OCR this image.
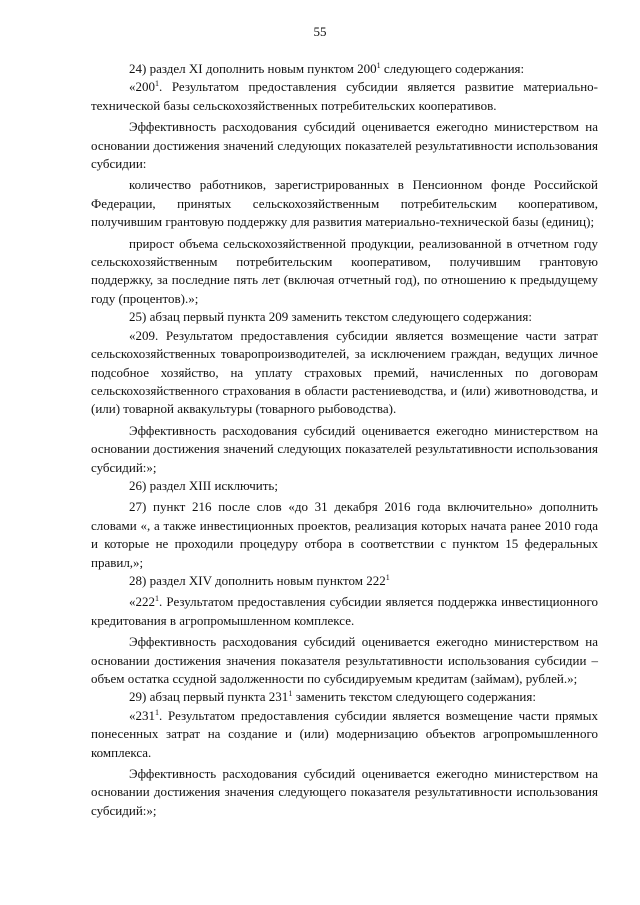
55

24) раздел XI дополнить новым пунктом $200^1$ следующего содержания:

«$200^1$. Результатом предоставления субсидии является развитие материально-технической базы сельскохозяйственных потребительских кооперативов.

Эффективность расходования субсидий оценивается ежегодно министерством на основании достижения значений следующих показателей результативности использования субсидии:

количество работников, зарегистрированных в Пенсионном фонде Российской Федерации, принятых сельскохозяйственным потребительским кооперативом, получившим грантовую поддержку для развития материально-технической базы (единиц);

прирост объема сельскохозяйственной продукции, реализованной в отчетном году сельскохозяйственным потребительским кооперативом, получившим грантовую поддержку, за последние пять лет (включая отчетный год), по отношению к предыдущему году (процентов).»;

25) абзац первый пункта 209 заменить текстом следующего содержания:

«209. Результатом предоставления субсидии является возмещение части затрат сельскохозяйственных товаропроизводителей, за исключением граждан, ведущих личное подсобное хозяйство, на уплату страховых премий, начисленных по договорам сельскохозяйственного страхования в области растениеводства, и (или) животноводства, и (или) товарной аквакультуры (товарного рыбоводства).

Эффективность расходования субсидий оценивается ежегодно министерством на основании достижения значений следующих показателей результативности использования субсидий:»;

26) раздел XIII исключить;

27) пункт 216 после слов «до 31 декабря 2016 года включительно» дополнить словами «, а также инвестиционных проектов, реализация которых начата ранее 2010 года и которые не проходили процедуру отбора в соответствии с пунктом 15 федеральных правил,»;

28) раздел XIV дополнить новым пунктом $222^1$

«$222^1$. Результатом предоставления субсидии является поддержка инвестиционного кредитования в агропромышленном комплексе.

Эффективность расходования субсидий оценивается ежегодно министерством на основании достижения значения показателя результативности использования субсидии – объем остатка ссудной задолженности по субсидируемым кредитам (займам), рублей.»;

29) абзац первый пункта $231^1$ заменить текстом следующего содержания:

«$231^1$. Результатом предоставления субсидии является возмещение части прямых понесенных затрат на создание и (или) модернизацию объектов агропромышленного комплекса.

Эффективность расходования субсидий оценивается ежегодно министерством на основании достижения значения следующего показателя результативности использования субсидий:»;
